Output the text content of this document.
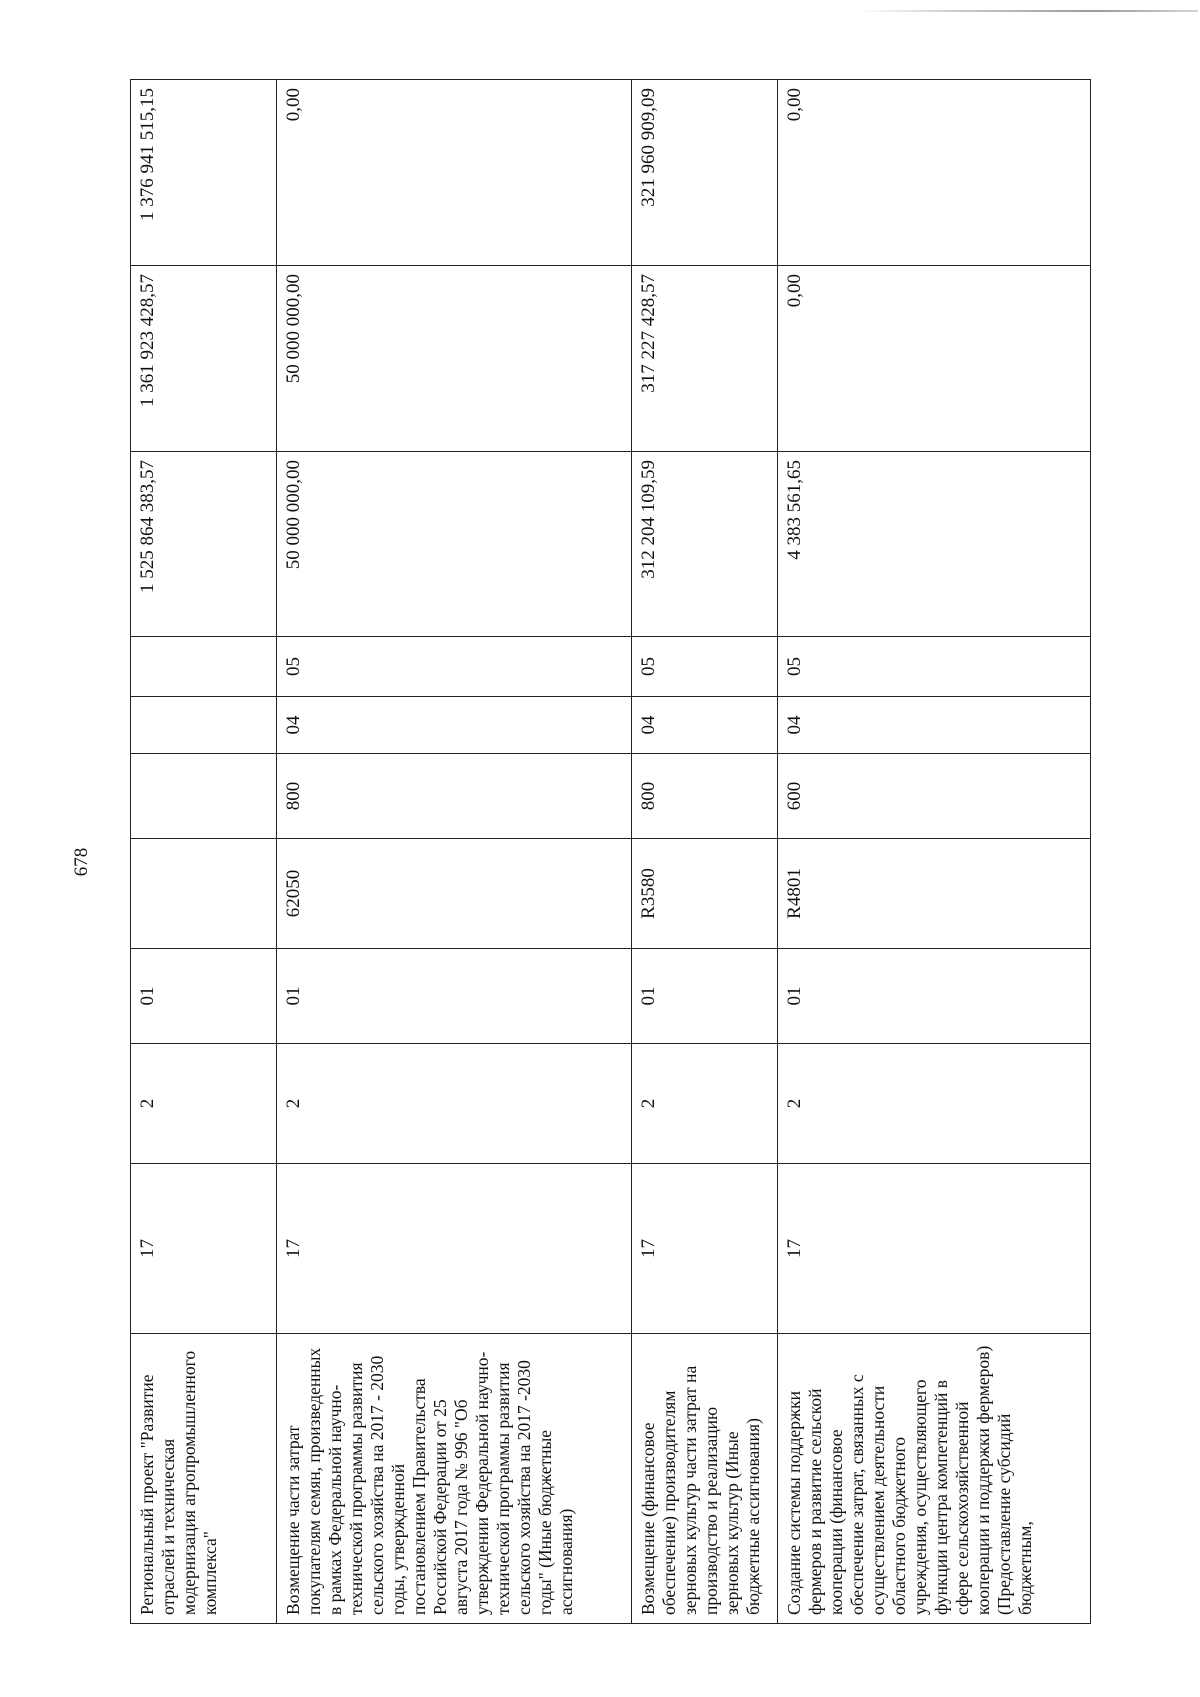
678
Региональный проект "Развитие отраслей и техническая модернизация агропромышленного комплекса"	17	2	01					1 525 864 383,57	1 361 923 428,57	1 376 941 515,15
Возмещение части затрат покупателям семян, произведенных в рамках Федеральной научно-технической программы развития сельского хозяйства на 2017 - 2030 годы, утвержденной постановлением Правительства Российской Федерации от 25 августа 2017 года № 996 "Об утверждении Федеральной научно-технической программы развития сельского хозяйства на 2017 -2030 годы" (Иные бюджетные ассигнования)	17	2	01	62050	800	04	05	50 000 000,00	50 000 000,00	0,00
Возмещение (финансовое обеспечение) производителям зерновых культур части затрат на производство и реализацию зерновых культур (Иные бюджетные ассигнования)	17	2	01	R3580	800	04	05	312 204 109,59	317 227 428,57	321 960 909,09
Создание системы поддержки фермеров и развитие сельской кооперации (финансовое обеспечение затрат, связанных с осуществлением деятельности областного бюджетного учреждения, осуществляющего функции центра компетенций в сфере сельскохозяйственной кооперации и поддержки фермеров) (Предоставление субсидий бюджетным,	17	2	01	R4801	600	04	05	4 383 561,65	0,00	0,00
